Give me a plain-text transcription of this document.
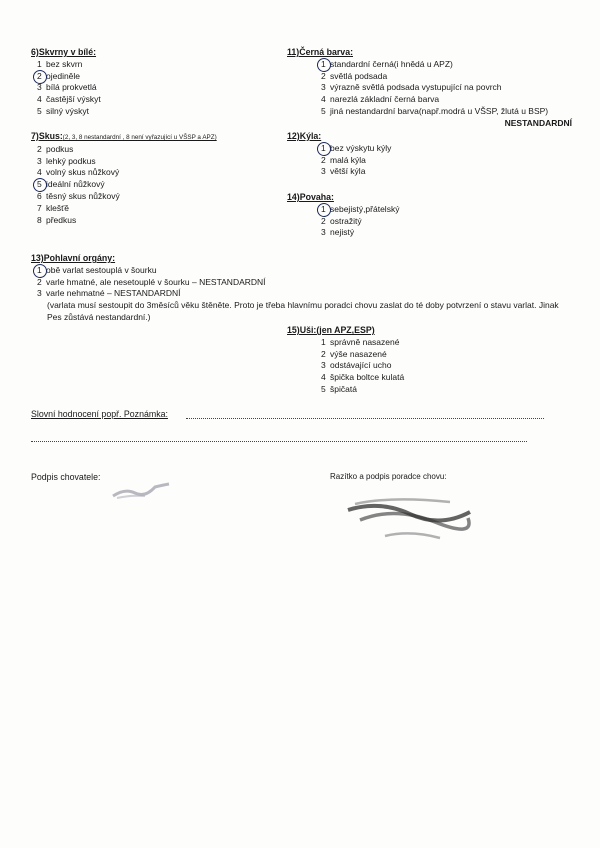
6)Skvrny v bílé:
1 bez skvrn
2 ojediněle
3 bílá prokvetlá
4 častější výskyt
5 silný výskyt
7)Skus:(2, 3, 8 nestandardní , 8 není vyřazující u VŠSP a APZ)
2 podkus
3 lehký podkus
4 volný skus nůžkový
5 ideální nůžkový
6 těsný skus nůžkový
7 klešťě
8 předkus
11)Černá barva:
1 standardní černá(i hnědá u APZ)
2 světlá podsada
3 výrazně světlá podsada vystupující na povrch
4 narezlá základní černá barva
5 jiná nestandardní barva(např.modrá u VŠSP, žlutá u BSP)
NESTANDARDNÍ
12)Kýla:
1 bez výskytu kýly
2 malá kýla
3 větší kýla
14)Povaha:
1 sebejistý,přátelský
2 ostražitý
3 nejistý
13)Pohlavní orgány:
1 obě varlat sestouplá v šourku
2 varle hmatné, ale nesetouplé v šourku – NESTANDARDNÍ
3 varle nehmatné – NESTANDARDNÍ
(varlata musí sestoupit do 3měsíců věku štěněte. Proto je třeba hlavnímu poradci chovu zaslat do té doby potvrzení o stavu varlat. Jinak Pes zůstává nestandardní.)
15)Uši:(jen APZ,ESP)
1 správně nasazené
2 výše nasazené
3 odstávající ucho
4 špička boltce kulatá
5 špičatá
Slovní hodnocení popř. Poznámka:
Podpis chovatele:	Razítko a podpis poradce chovu:
